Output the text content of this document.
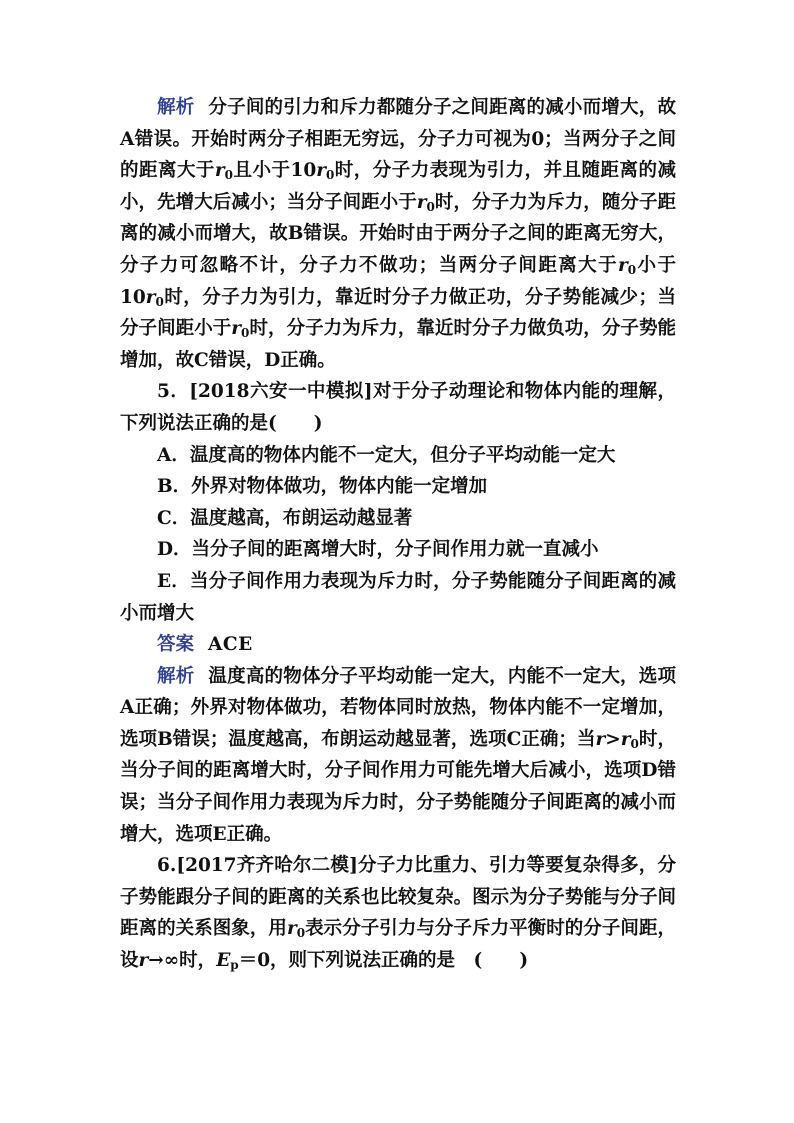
解析 分子间的引力和斥力都随分子之间距离的减小而增大，故A错误。开始时两分子相距无穷远，分子力可视为0；当两分子之间的距离大于$r_0$且小于$10r_0$时，分子力表现为引力，并且随距离的减小，先增大后减小；当分子间距小于$r_0$时，分子力为斥力，随分子距离的减小而增大，故B错误。开始时由于两分子之间的距离无穷大，分子力可忽略不计，分子力不做功；当两分子间距离大于$r_0$小于$10r_0$时，分子力为引力，靠近时分子力做正功，分子势能减少；当分子间距小于$r_0$时，分子力为斥力，靠近时分子力做负功，分子势能增加，故C错误，D正确。

5．[2018六安一中模拟]对于分子动理论和物体内能的理解，下列说法正确的是(　　)

A．温度高的物体内能不一定大，但分子平均动能一定大

B．外界对物体做功，物体内能一定增加

C．温度越高，布朗运动越显著

D．当分子间的距离增大时，分子间作用力就一直减小

E．当分子间作用力表现为斥力时，分子势能随分子间距离的减小而增大

答案 ACE

解析 温度高的物体分子平均动能一定大，内能不一定大，选项A正确；外界对物体做功，若物体同时放热，物体内能不一定增加，选项B错误；温度越高，布朗运动越显著，选项C正确；当$r>r_0$时，当分子间的距离增大时，分子间作用力可能先增大后减小，选项D错误；当分子间作用力表现为斥力时，分子势能随分子间距离的减小而增大，选项E正确。

6.[2017齐齐哈尔二模]分子力比重力、引力等要复杂得多，分子势能跟分子间的距离的关系也比较复杂。图示为分子势能与分子间距离的关系图象，用$r_0$表示分子引力与分子斥力平衡时的分子间距，设r→∞时，$E_p=0$，则下列说法正确的是　(　　)
